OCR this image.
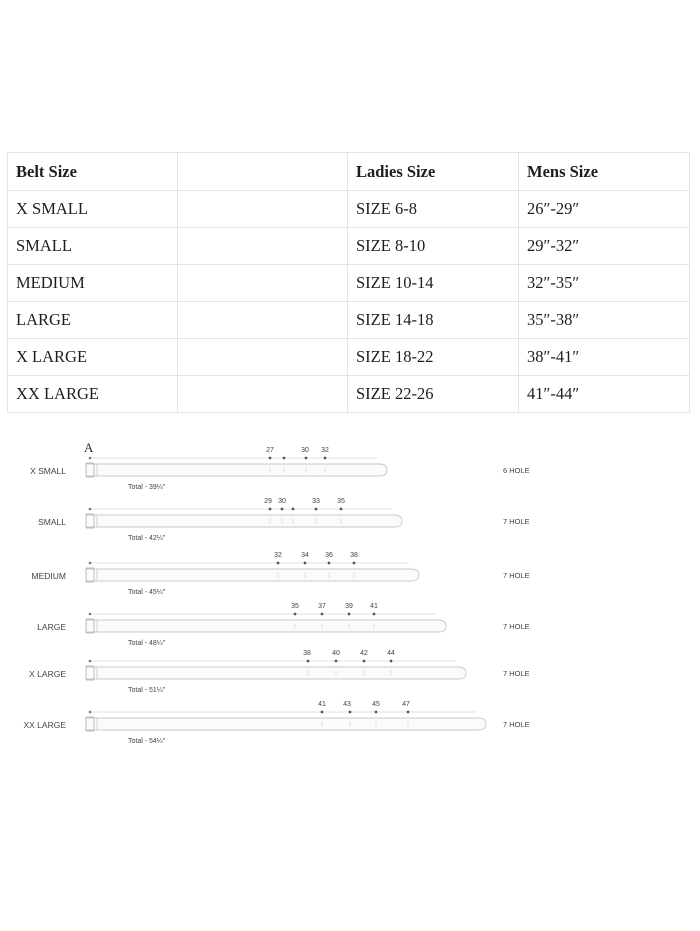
Belt Size		Ladies Size	Mens Size
X SMALL		SIZE 6-8	26″-29″
SMALL		SIZE 8-10	29″-32″
MEDIUM		SIZE 10-14	32″-35″
LARGE		SIZE 14-18	35″-38″
X LARGE		SIZE 18-22	38″-41″
XX LARGE		SIZE 22-26	41″-44″
A
X SMALL
27	30 32
Total - 39¼″
6 HOLE
SMALL
29 30	33 35
Total - 42¼″
7 HOLE
MEDIUM
32	34 36 38
Total - 45¼″
7 HOLE
LARGE
35	37	39 41
Total - 48¼″
7 HOLE
X LARGE
38	40	42	44
Total - 51¼″
7 HOLE
XX LARGE
41 43	45	47
Total - 54¼″
7 HOLE
